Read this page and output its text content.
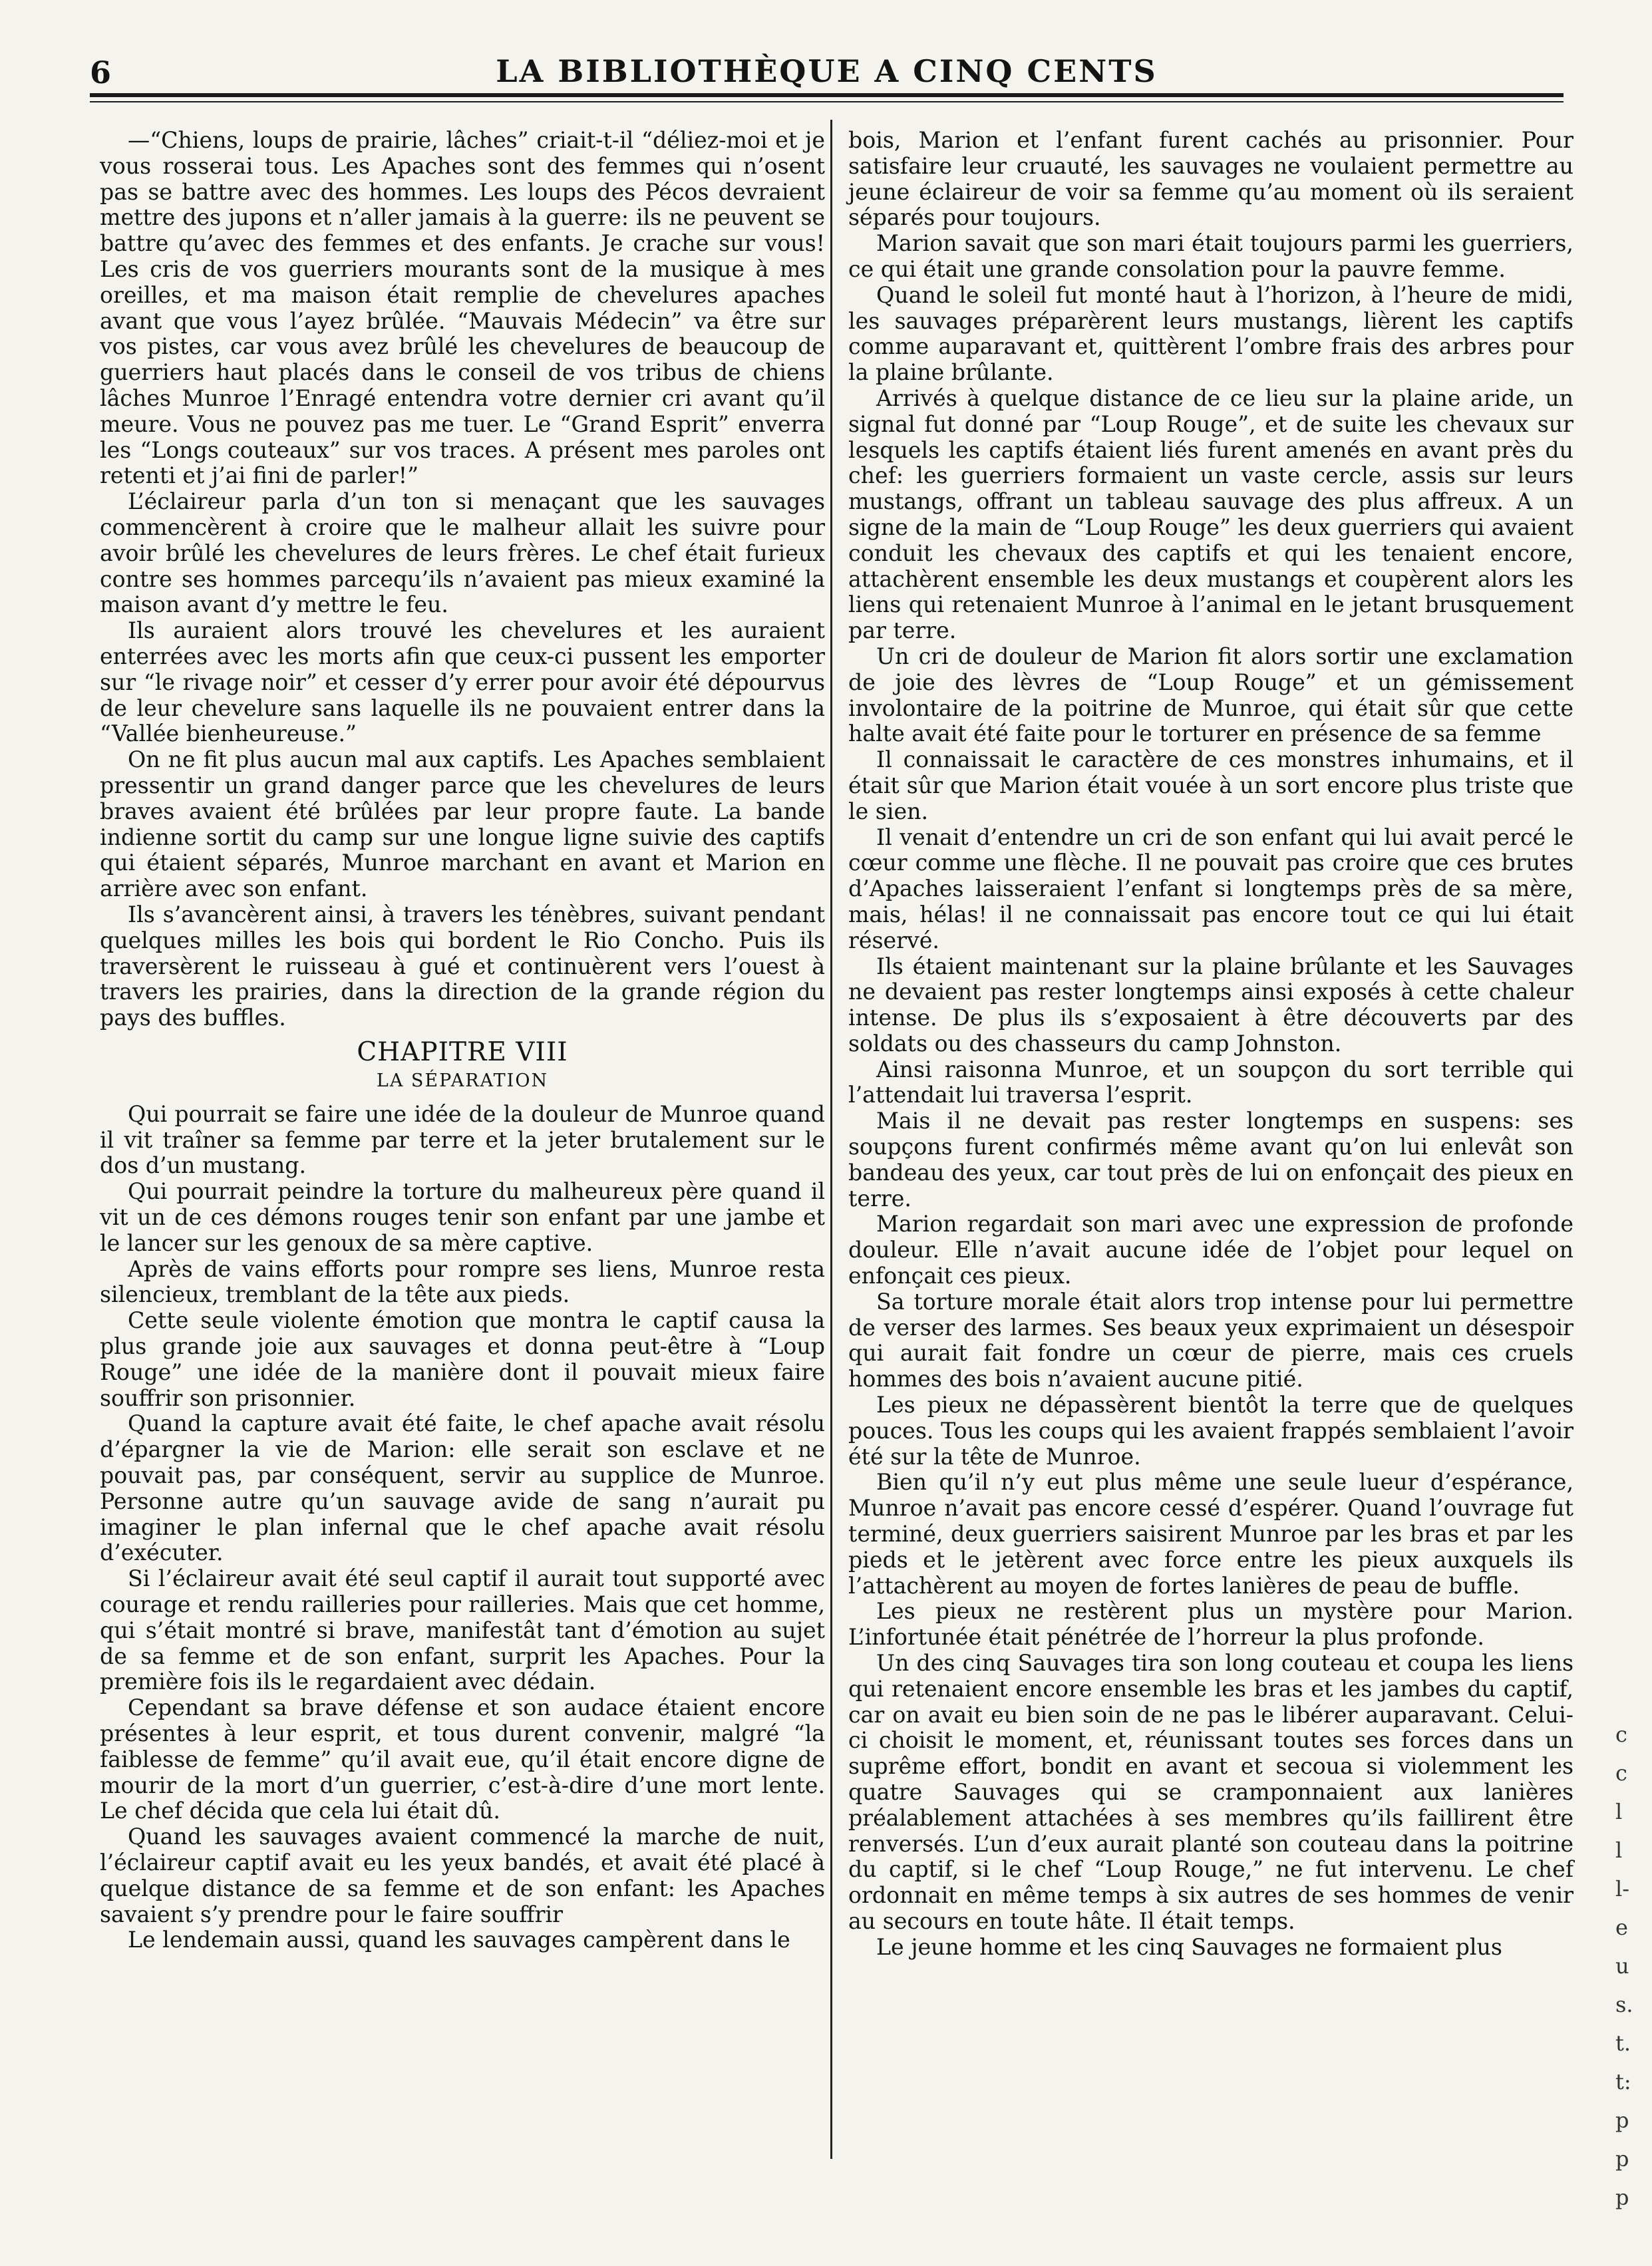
6	LA BIBLIOTHÈQUE A CINQ CENTS

—“Chiens, loups de prairie, lâches” criait-t-il “déliez-moi et je vous rosserai tous. Les Apaches sont des femmes qui n’osent pas se battre avec des hommes. Les loups des Pécos devraient mettre des jupons et n’aller jamais à la guerre: ils ne peuvent se battre qu’avec des femmes et des enfants. Je crache sur vous! Les cris de vos guerriers mourants sont de la musique à mes oreilles, et ma maison était remplie de chevelures apaches avant que vous l’ayez brûlée. “Mauvais Médecin” va être sur vos pistes, car vous avez brûlé les chevelures de beaucoup de guerriers haut placés dans le conseil de vos tribus de chiens lâches Munroe l’Enragé entendra votre dernier cri avant qu’il meure. Vous ne pouvez pas me tuer. Le “Grand Esprit” enverra les “Longs couteaux” sur vos traces. A présent mes paroles ont retenti et j’ai fini de parler!”

L’éclaireur parla d’un ton si menaçant que les sauvages commencèrent à croire que le malheur allait les suivre pour avoir brûlé les chevelures de leurs frères. Le chef était furieux contre ses hommes parcequ’ils n’avaient pas mieux examiné la maison avant d’y mettre le feu.

Ils auraient alors trouvé les chevelures et les auraient enterrées avec les morts afin que ceux-ci pussent les emporter sur “le rivage noir” et cesser d’y errer pour avoir été dépourvus de leur chevelure sans laquelle ils ne pouvaient entrer dans la “Vallée bienheureuse.”

On ne fit plus aucun mal aux captifs. Les Apaches semblaient pressentir un grand danger parce que les chevelures de leurs braves avaient été brûlées par leur propre faute. La bande indienne sortit du camp sur une longue ligne suivie des captifs qui étaient séparés, Munroe marchant en avant et Marion en arrière avec son enfant.

Ils s’avancèrent ainsi, à travers les ténèbres, suivant pendant quelques milles les bois qui bordent le Rio Concho. Puis ils traversèrent le ruisseau à gué et continuèrent vers l’ouest à travers les prairies, dans la direction de la grande région du pays des buffles.

CHAPITRE VIII
LA SÉPARATION

Qui pourrait se faire une idée de la douleur de Munroe quand il vit traîner sa femme par terre et la jeter brutalement sur le dos d’un mustang.

Qui pourrait peindre la torture du malheureux père quand il vit un de ces démons rouges tenir son enfant par une jambe et le lancer sur les genoux de sa mère captive.

Après de vains efforts pour rompre ses liens, Munroe resta silencieux, tremblant de la tête aux pieds.

Cette seule violente émotion que montra le captif causa la plus grande joie aux sauvages et donna peut-être à “Loup Rouge” une idée de la manière dont il pouvait mieux faire souffrir son prisonnier.

Quand la capture avait été faite, le chef apache avait résolu d’épargner la vie de Marion: elle serait son esclave et ne pouvait pas, par conséquent, servir au supplice de Munroe. Personne autre qu’un sauvage avide de sang n’aurait pu imaginer le plan infernal que le chef apache avait résolu d’exécuter.

Si l’éclaireur avait été seul captif il aurait tout supporté avec courage et rendu railleries pour railleries. Mais que cet homme, qui s’était montré si brave, manifestât tant d’émotion au sujet de sa femme et de son enfant, surprit les Apaches. Pour la première fois ils le regardaient avec dédain.

Cependant sa brave défense et son audace étaient encore présentes à leur esprit, et tous durent convenir, malgré “la faiblesse de femme” qu’il avait eue, qu’il était encore digne de mourir de la mort d’un guerrier, c’est-à-dire d’une mort lente. Le chef décida que cela lui était dû.

Quand les sauvages avaient commencé la marche de nuit, l’éclaireur captif avait eu les yeux bandés, et avait été placé à quelque distance de sa femme et de son enfant: les Apaches savaient s’y prendre pour le faire souffrir

Le lendemain aussi, quand les sauvages campèrent dans le

bois, Marion et l’enfant furent cachés au prisonnier. Pour satisfaire leur cruauté, les sauvages ne voulaient permettre au jeune éclaireur de voir sa femme qu’au moment où ils seraient séparés pour toujours.

Marion savait que son mari était toujours parmi les guerriers, ce qui était une grande consolation pour la pauvre femme.

Quand le soleil fut monté haut à l’horizon, à l’heure de midi, les sauvages préparèrent leurs mustangs, lièrent les captifs comme auparavant et, quittèrent l’ombre frais des arbres pour la plaine brûlante.

Arrivés à quelque distance de ce lieu sur la plaine aride, un signal fut donné par “Loup Rouge”, et de suite les chevaux sur lesquels les captifs étaient liés furent amenés en avant près du chef: les guerriers formaient un vaste cercle, assis sur leurs mustangs, offrant un tableau sauvage des plus affreux. A un signe de la main de “Loup Rouge” les deux guerriers qui avaient conduit les chevaux des captifs et qui les tenaient encore, attachèrent ensemble les deux mustangs et coupèrent alors les liens qui retenaient Munroe à l’animal en le jetant brusquement par terre.

Un cri de douleur de Marion fit alors sortir une exclamation de joie des lèvres de “Loup Rouge” et un gémissement involontaire de la poitrine de Munroe, qui était sûr que cette halte avait été faite pour le torturer en présence de sa femme

Il connaissait le caractère de ces monstres inhumains, et il était sûr que Marion était vouée à un sort encore plus triste que le sien.

Il venait d’entendre un cri de son enfant qui lui avait percé le cœur comme une flèche. Il ne pouvait pas croire que ces brutes d’Apaches laisseraient l’enfant si longtemps près de sa mère, mais, hélas! il ne connaissait pas encore tout ce qui lui était réservé.

Ils étaient maintenant sur la plaine brûlante et les Sauvages ne devaient pas rester longtemps ainsi exposés à cette chaleur intense. De plus ils s’exposaient à être découverts par des soldats ou des chasseurs du camp Johnston.

Ainsi raisonna Munroe, et un soupçon du sort terrible qui l’attendait lui traversa l’esprit.

Mais il ne devait pas rester longtemps en suspens: ses soupçons furent confirmés même avant qu’on lui enlevât son bandeau des yeux, car tout près de lui on enfonçait des pieux en terre.

Marion regardait son mari avec une expression de profonde douleur. Elle n’avait aucune idée de l’objet pour lequel on enfonçait ces pieux.

Sa torture morale était alors trop intense pour lui permettre de verser des larmes. Ses beaux yeux exprimaient un désespoir qui aurait fait fondre un cœur de pierre, mais ces cruels hommes des bois n’avaient aucune pitié.

Les pieux ne dépassèrent bientôt la terre que de quelques pouces. Tous les coups qui les avaient frappés semblaient l’avoir été sur la tête de Munroe.

Bien qu’il n’y eut plus même une seule lueur d’espérance, Munroe n’avait pas encore cessé d’espérer. Quand l’ouvrage fut terminé, deux guerriers saisirent Munroe par les bras et par les pieds et le jetèrent avec force entre les pieux auxquels ils l’attachèrent au moyen de fortes lanières de peau de buffle.

Les pieux ne restèrent plus un mystère pour Marion. L’infortunée était pénétrée de l’horreur la plus profonde.

Un des cinq Sauvages tira son long couteau et coupa les liens qui retenaient encore ensemble les bras et les jambes du captif, car on avait eu bien soin de ne pas le libérer auparavant. Celui-ci choisit le moment, et, réunissant toutes ses forces dans un suprême effort, bondit en avant et secoua si violemment les quatre Sauvages qui se cramponnaient aux lanières préalablement attachées à ses membres qu’ils faillirent être renversés. L’un d’eux aurait planté son couteau dans la poitrine du captif, si le chef “Loup Rouge,” ne fut intervenu. Le chef ordonnait en même temps à six autres de ses hommes de venir au secours en toute hâte. Il était temps.

Le jeune homme et les cinq Sauvages ne formaient plus

c
c
l
l
l-
e
u
s.
t.
t:
p
p
p
